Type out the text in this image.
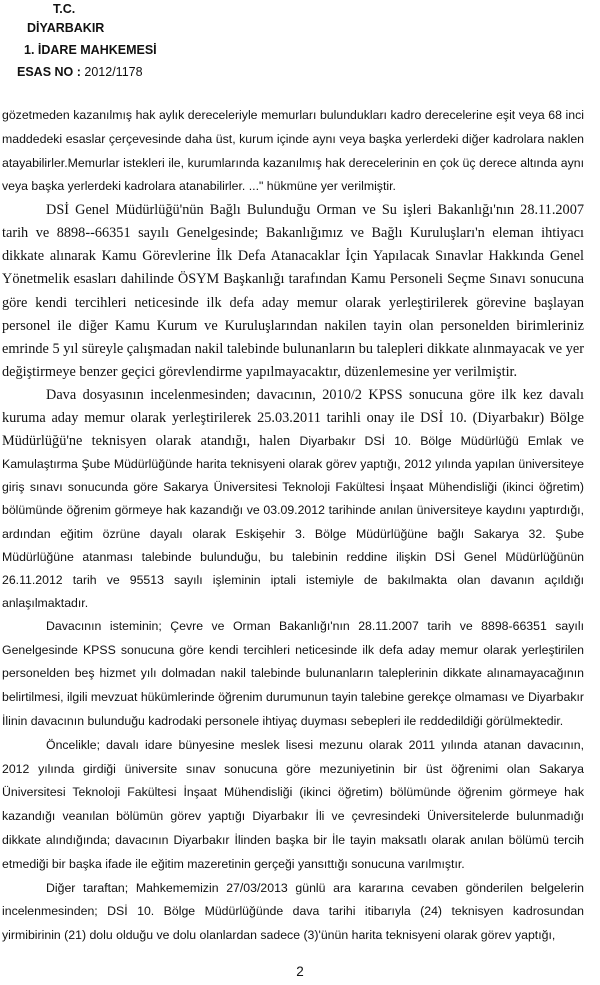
T.C.
DİYARBAKIR
1. İDARE MAHKEMESİ
ESAS NO : 2012/1178

gözetmeden kazanılmış hak aylık dereceleriyle memurları bulundukları kadro derecelerine eşit veya 68 inci maddedeki esaslar çerçevesinde daha üst, kurum içinde aynı veya başka yerlerdeki diğer kadrolara naklen atayabilirler.Memurlar istekleri ile, kurumlarında kazanılmış hak derecelerinin en çok üç derece altında aynı veya başka yerlerdeki kadrolara atanabilirler. ..." hükmüne yer verilmiştir.

DSİ Genel Müdürlüğü'nün Bağlı Bulunduğu Orman ve Su işleri Bakanlığı'nın 28.11.2007 tarih ve 8898--66351 sayılı Genelgesinde; Bakanlığımız ve Bağlı Kuruluşları'n eleman ihtiyacı dikkate alınarak Kamu Görevlerine İlk Defa Atanacaklar İçin Yapılacak Sınavlar Hakkında Genel Yönetmelik esasları dahilinde ÖSYM Başkanlığı tarafından Kamu Personeli Seçme Sınavı sonucuna göre kendi tercihleri neticesinde ilk defa aday memur olarak yerleştirilerek görevine başlayan personel ile diğer Kamu Kurum ve Kuruluşlarından nakilen tayin olan personelden birimleriniz emrinde 5 yıl süreyle çalışmadan nakil talebinde bulunanların bu talepleri dikkate alınmayacak ve yer değiştirmeye benzer geçici görevlendirme yapılmayacaktır, düzenlemesine yer verilmiştir.

Dava dosyasının incelenmesinden; davacının, 2010/2 KPSS sonucuna göre ilk kez davalı kuruma aday memur olarak yerleştirilerek 25.03.2011 tarihli onay ile DSİ 10. (Diyarbakır) Bölge Müdürlüğü'ne teknisyen olarak atandığı, halen Diyarbakır DSİ 10. Bölge Müdürlüğü Emlak ve Kamulaştırma Şube Müdürlüğünde harita teknisyeni olarak görev yaptığı, 2012 yılında yapılan üniversiteye giriş sınavı sonucunda göre Sakarya Üniversitesi Teknoloji Fakültesi İnşaat Mühendisliği (ikinci öğretim) bölümünde öğrenim görmeye hak kazandığı ve 03.09.2012 tarihinde anılan üniversiteye kaydını yaptırdığı, ardından eğitim özrüne dayalı olarak Eskişehir 3. Bölge Müdürlüğüne bağlı Sakarya 32. Şube Müdürlüğüne atanması talebinde bulunduğu, bu talebinin reddine ilişkin DSİ Genel Müdürlüğünün 26.11.2012 tarih ve 95513 sayılı işleminin iptali istemiyle de bakılmakta olan davanın açıldığı anlaşılmaktadır.

Davacının isteminin; Çevre ve Orman Bakanlığı'nın 28.11.2007 tarih ve 8898-66351 sayılı Genelgesinde KPSS sonucuna göre kendi tercihleri neticesinde ilk defa aday memur olarak yerleştirilen personelden beş hizmet yılı dolmadan nakil talebinde bulunanların taleplerinin dikkate alınamayacağının belirtilmesi, ilgili mevzuat hükümlerinde öğrenim durumunun tayin talebine gerekçe olmaması ve Diyarbakır İlinin davacının bulunduğu kadrodaki personele ihtiyaç duyması sebepleri ile reddedildiği görülmektedir.

Öncelikle; davalı idare bünyesine meslek lisesi mezunu olarak 2011 yılında atanan davacının, 2012 yılında girdiği üniversite sınav sonucuna göre mezuniyetinin bir üst öğrenimi olan Sakarya Üniversitesi Teknoloji Fakültesi İnşaat Mühendisliği (ikinci öğretim) bölümünde öğrenim görmeye hak kazandığı veanılan bölümün görev yaptığı Diyarbakır İli ve çevresindeki Üniversitelerde bulunmadığı dikkate alındığında; davacının Diyarbakır İlinden başka bir İle tayin maksatlı olarak anılan bölümü tercih etmediği bir başka ifade ile eğitim mazeretinin gerçeği yansıttığı sonucuna varılmıştır.

Diğer taraftan; Mahkememizin 27/03/2013 günlü ara kararına cevaben gönderilen belgelerin incelenmesinden; DSİ 10. Bölge Müdürlüğünde dava tarihi itibarıyla (24) teknisyen kadrosundan yirmibirinin (21) dolu olduğu ve dolu olanlardan sadece (3)'ünün harita teknisyeni olarak görev yaptığı,

2
